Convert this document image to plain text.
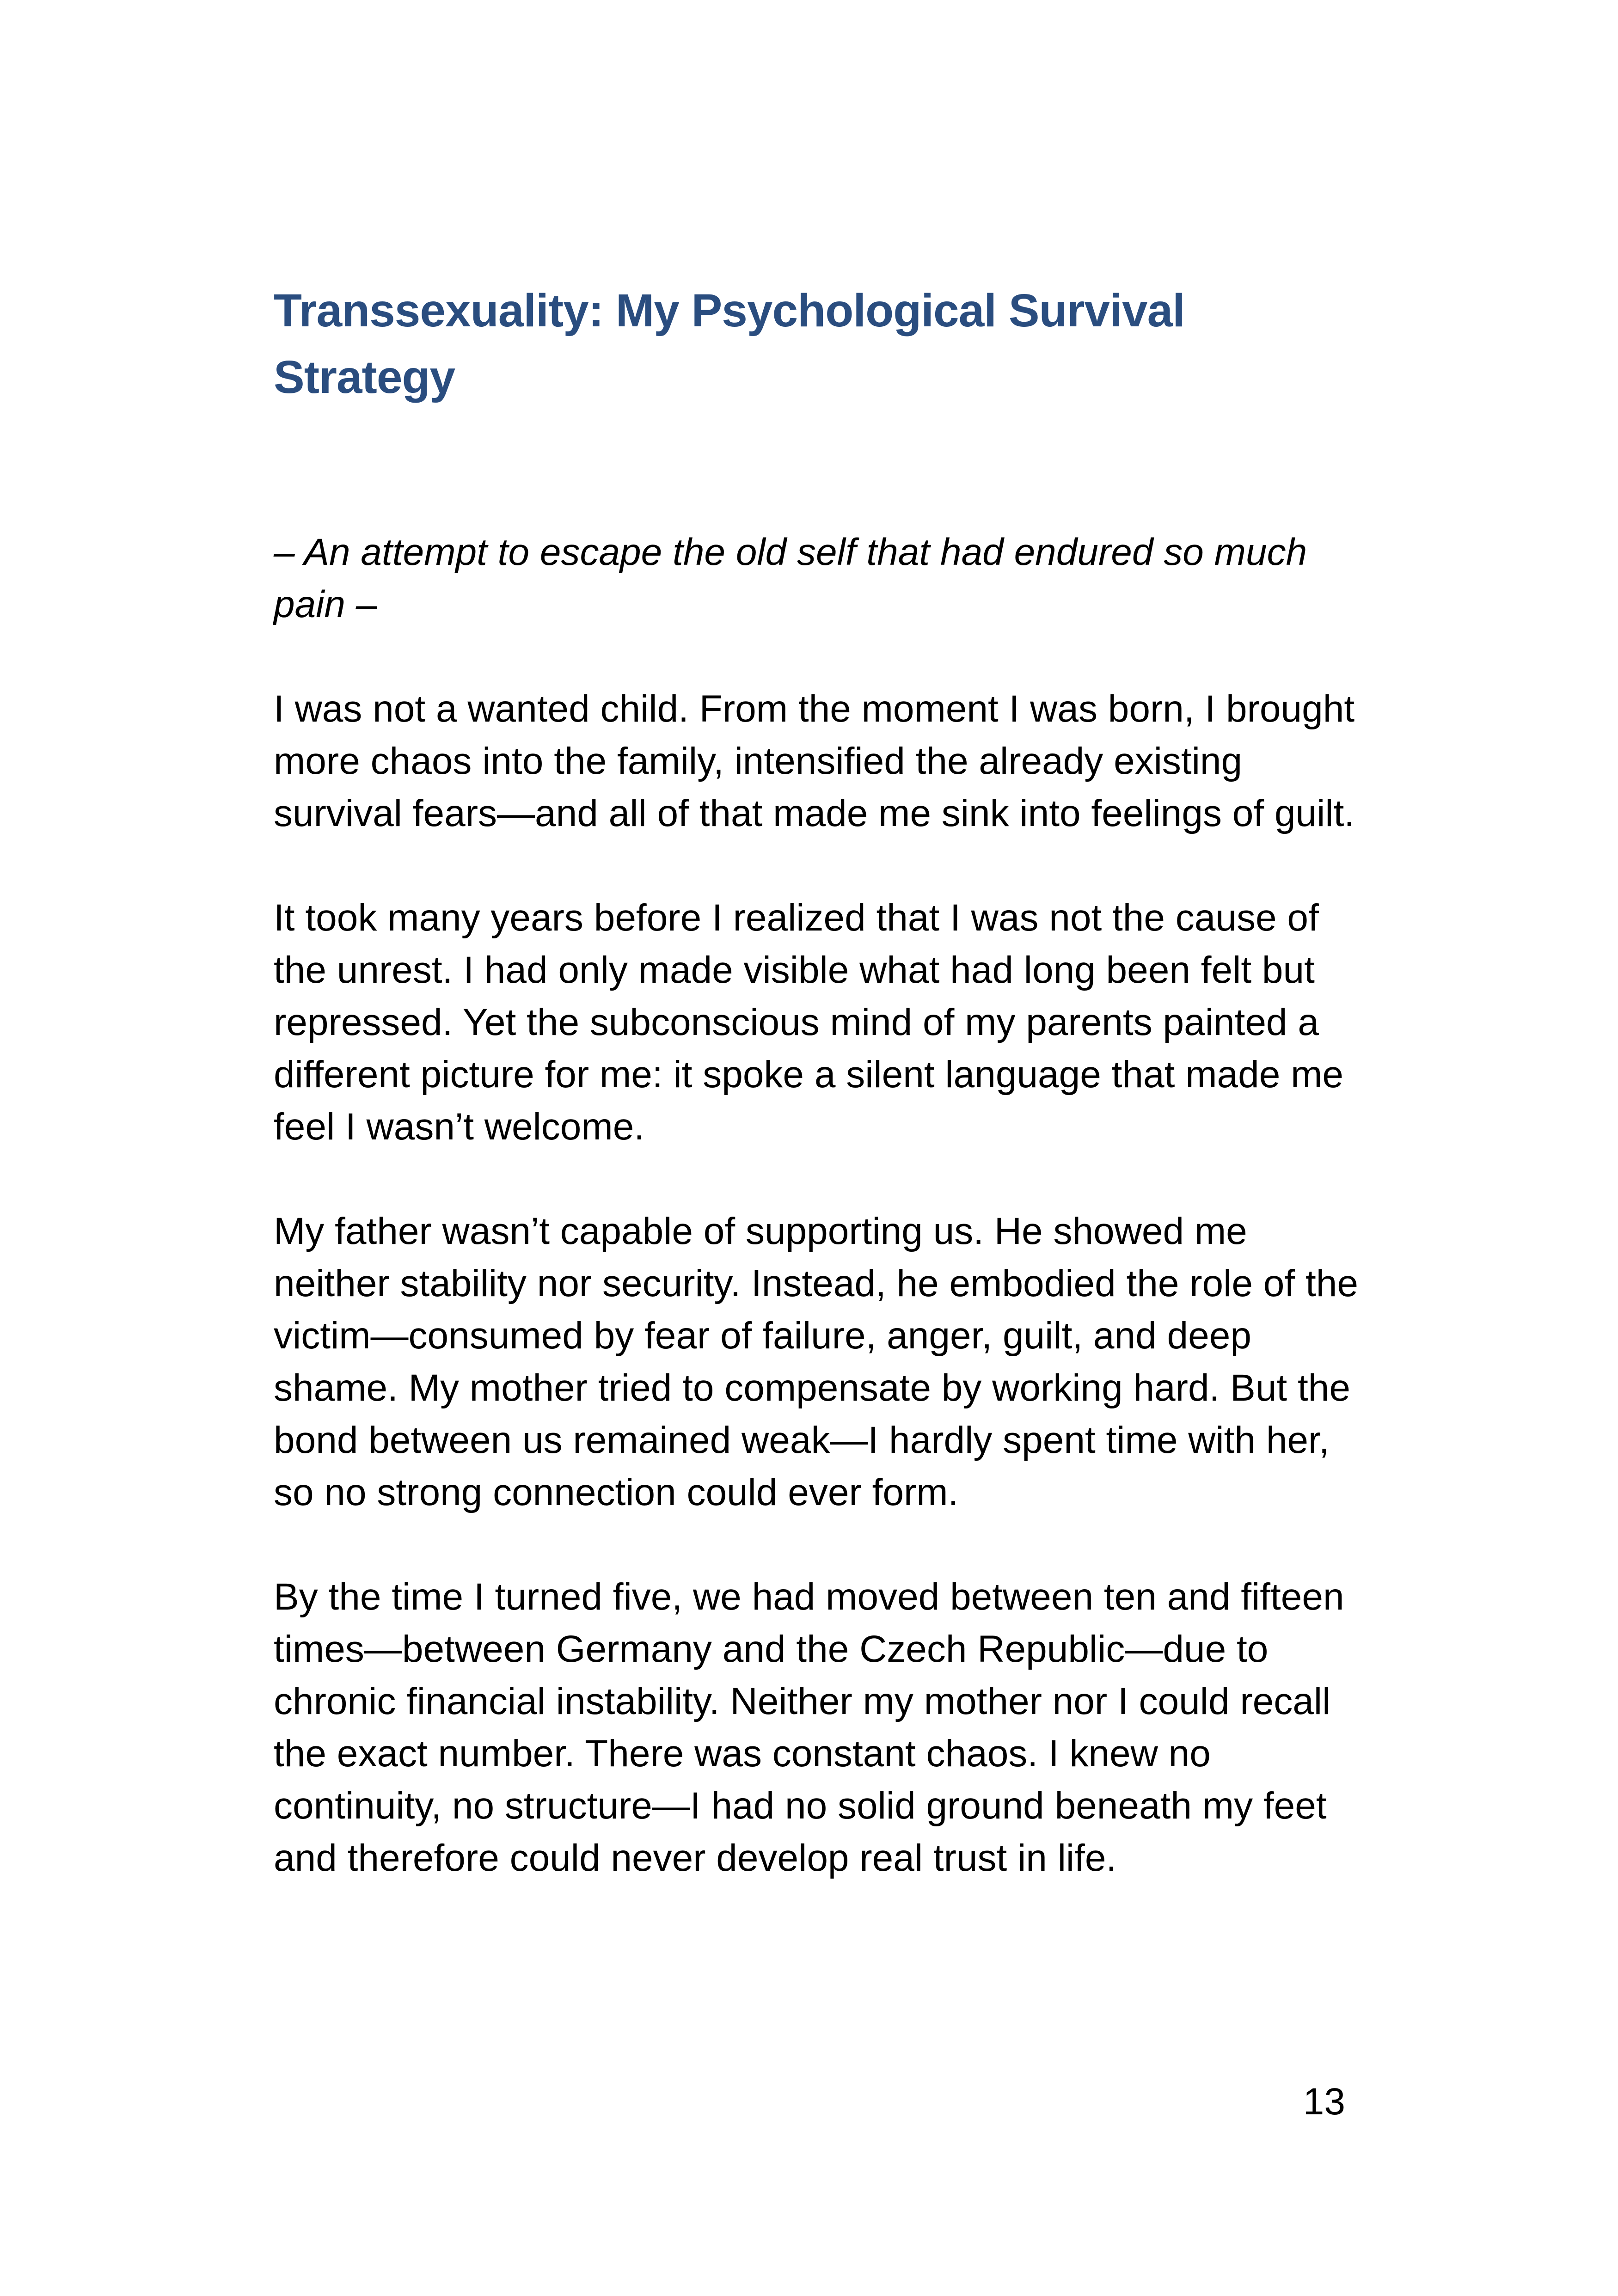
Transsexuality: My Psychological Survival Strategy

– An attempt to escape the old self that had endured so much pain –

I was not a wanted child. From the moment I was born, I brought more chaos into the family, intensified the already existing survival fears—and all of that made me sink into feelings of guilt.

It took many years before I realized that I was not the cause of the unrest. I had only made visible what had long been felt but repressed. Yet the subconscious mind of my parents painted a different picture for me: it spoke a silent language that made me feel I wasn’t welcome.

My father wasn’t capable of supporting us. He showed me neither stability nor security. Instead, he embodied the role of the victim—consumed by fear of failure, anger, guilt, and deep shame. My mother tried to compensate by working hard. But the bond between us remained weak—I hardly spent time with her, so no strong connection could ever form.

By the time I turned five, we had moved between ten and fifteen times—between Germany and the Czech Republic—due to chronic financial instability. Neither my mother nor I could recall the exact number. There was constant chaos. I knew no continuity, no structure—I had no solid ground beneath my feet and therefore could never develop real trust in life.

13
